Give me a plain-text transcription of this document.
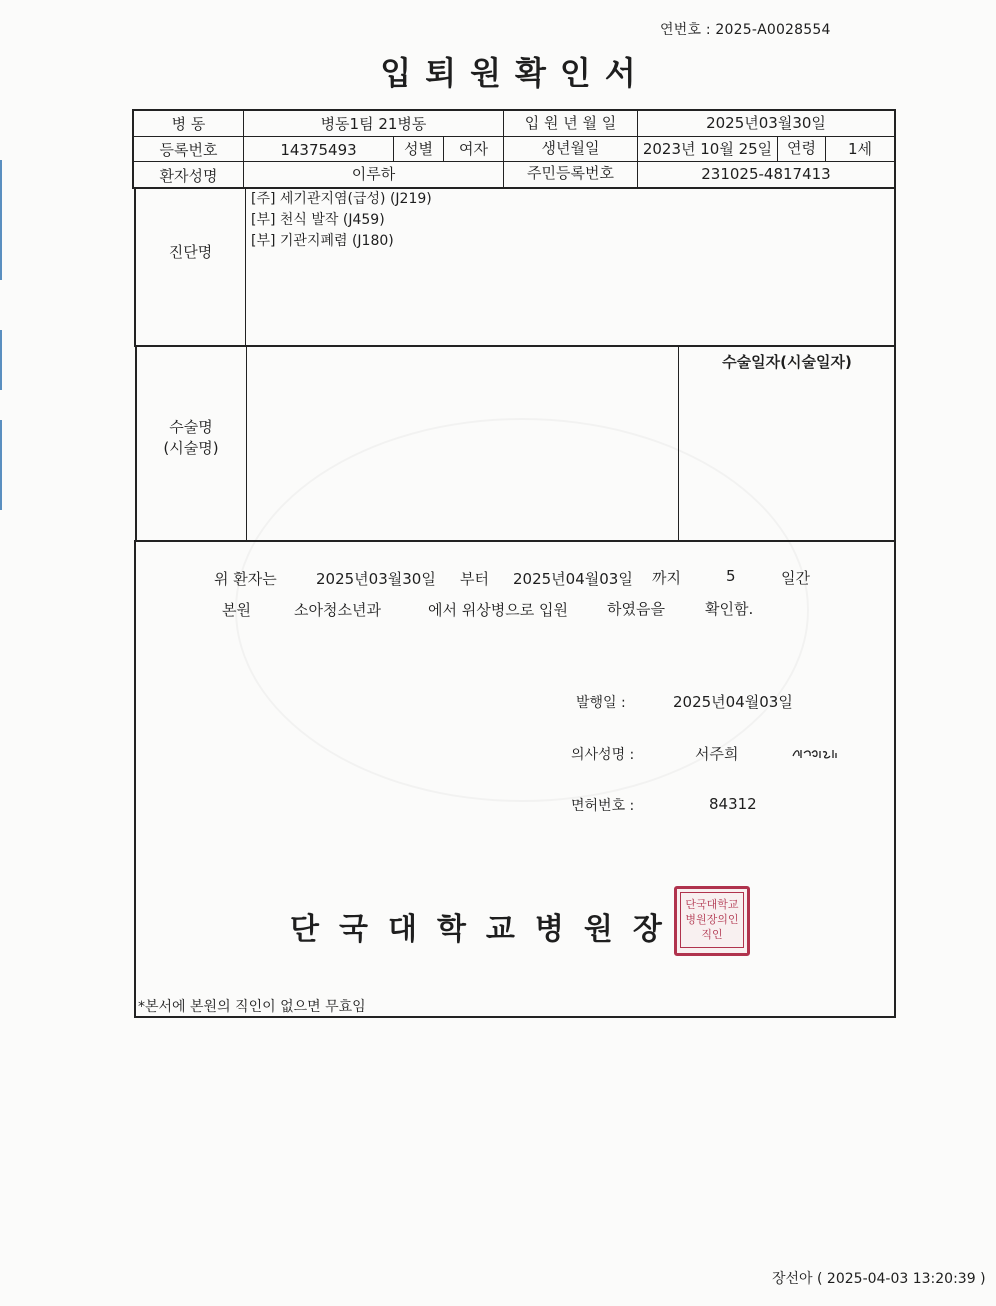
연번호 : 2025-A0028554
입퇴원확인서
병 동	병동1팀 21병동	입 원 년 월 일	2025년03월30일
등록번호	14375493	성별	여자	생년월일	2023년 10월 25일 연령	1세
환자성명	이루하	주민등록번호	231025-4817413
진단명
[주] 세기관지염(급성) (J219)
[부] 천식 발작 (J459)
[부] 기관지폐렴 (J180)
수술명
(시술명)
수술일자(시술일자)
위 환자는	2025년03월30일 부터 2025년04월03일 까지	5	일간
본원	소아청소년과	에서 위상병으로 입원	하였음을	확인함.
발행일 :	2025년04월03일
의사성명 :	서주희
면허번호 :	84312
단국대학교병원장
단국대학교
병원장의인
직인
*본서에 본원의 직인이 없으면 무효임
장선아 ( 2025-04-03 13:20:39 )
